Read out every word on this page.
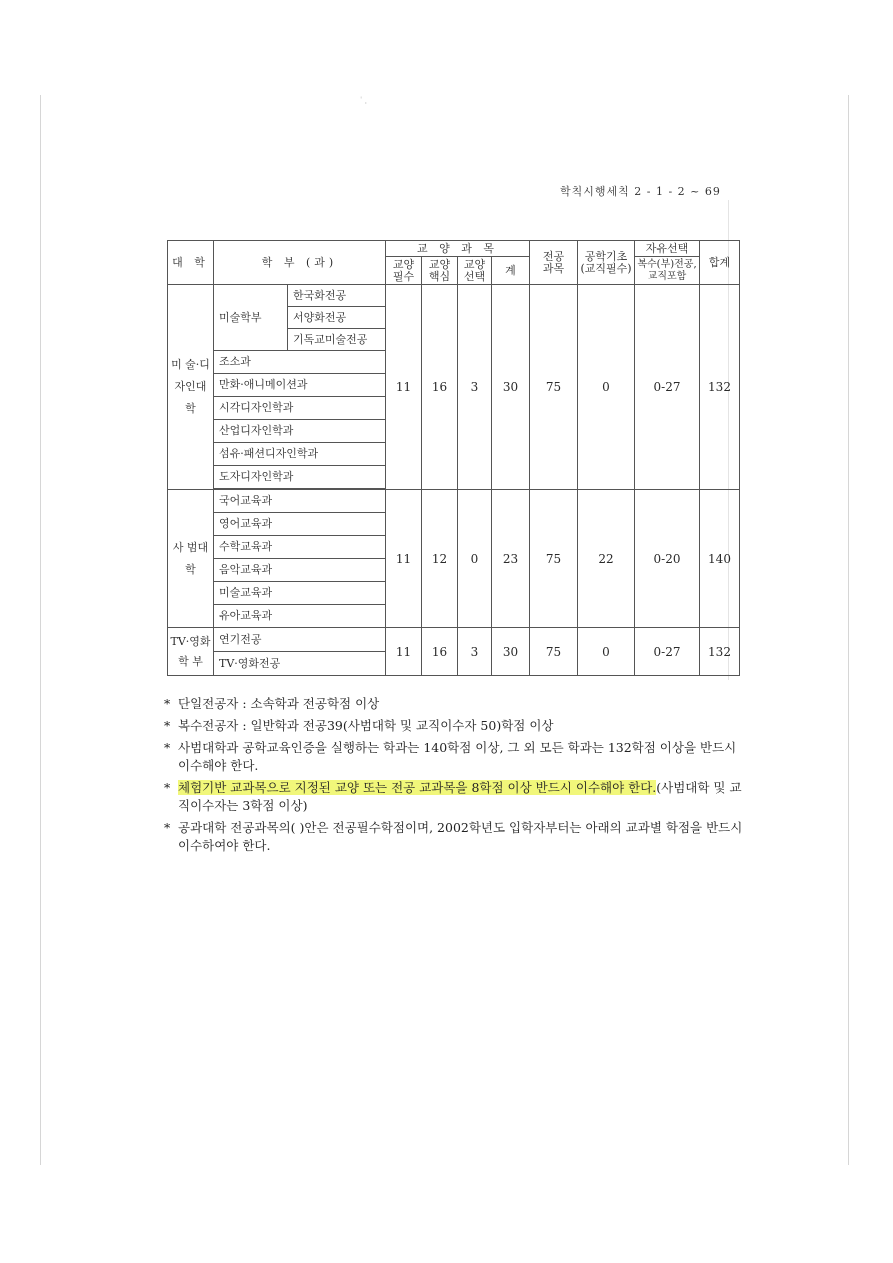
ˈ ˌ
학칙시행세칙 2 - 1 - 2 ~ 69
대 학	학 부 (과)		교 양 과 목				전공과목	공학기초(교직필수)	자유선택	합계
			교양필수	교양핵심	교양선택	계			복수(부)전공,교직포함	
미 술·디자인대 학	미술학부	한국화전공	11	16	3	30	75	0	0-27	132
		서양화전공								
		기독교미술전공								
	조소과									
	만화·애니메이션과									
	시각디자인학과									
	산업디자인학과									
	섬유·패션디자인학과									
	도자디자인학과									

사 범대 학	국어교육과		11	12	0	23	75	22	0-20	140
	영어교육과									
	수학교육과									
	음악교육과									
	미술교육과									
	유아교육과									
TV·영화학 부	연기전공		11	16	3	30	75	0	0-27	132
	TV·영화전공									
* 단일전공자 : 소속학과 전공학점 이상
* 복수전공자 : 일반학과 전공39(사범대학 및 교직이수자 50)학점 이상
* 사범대학과 공학교육인증을 실행하는 학과는 140학점 이상, 그 외 모든 학과는 132학점 이상을 반드시 이수해야 한다.
* 체험기반 교과목으로 지정된 교양 또는 전공 교과목을 8학점 이상 반드시 이수해야 한다.(사범대학 및 교직이수자는 3학점 이상)
* 공과대학 전공과목의( )안은 전공필수학점이며, 2002학년도 입학자부터는 아래의 교과별 학점을 반드시 이수하여야 한다.
